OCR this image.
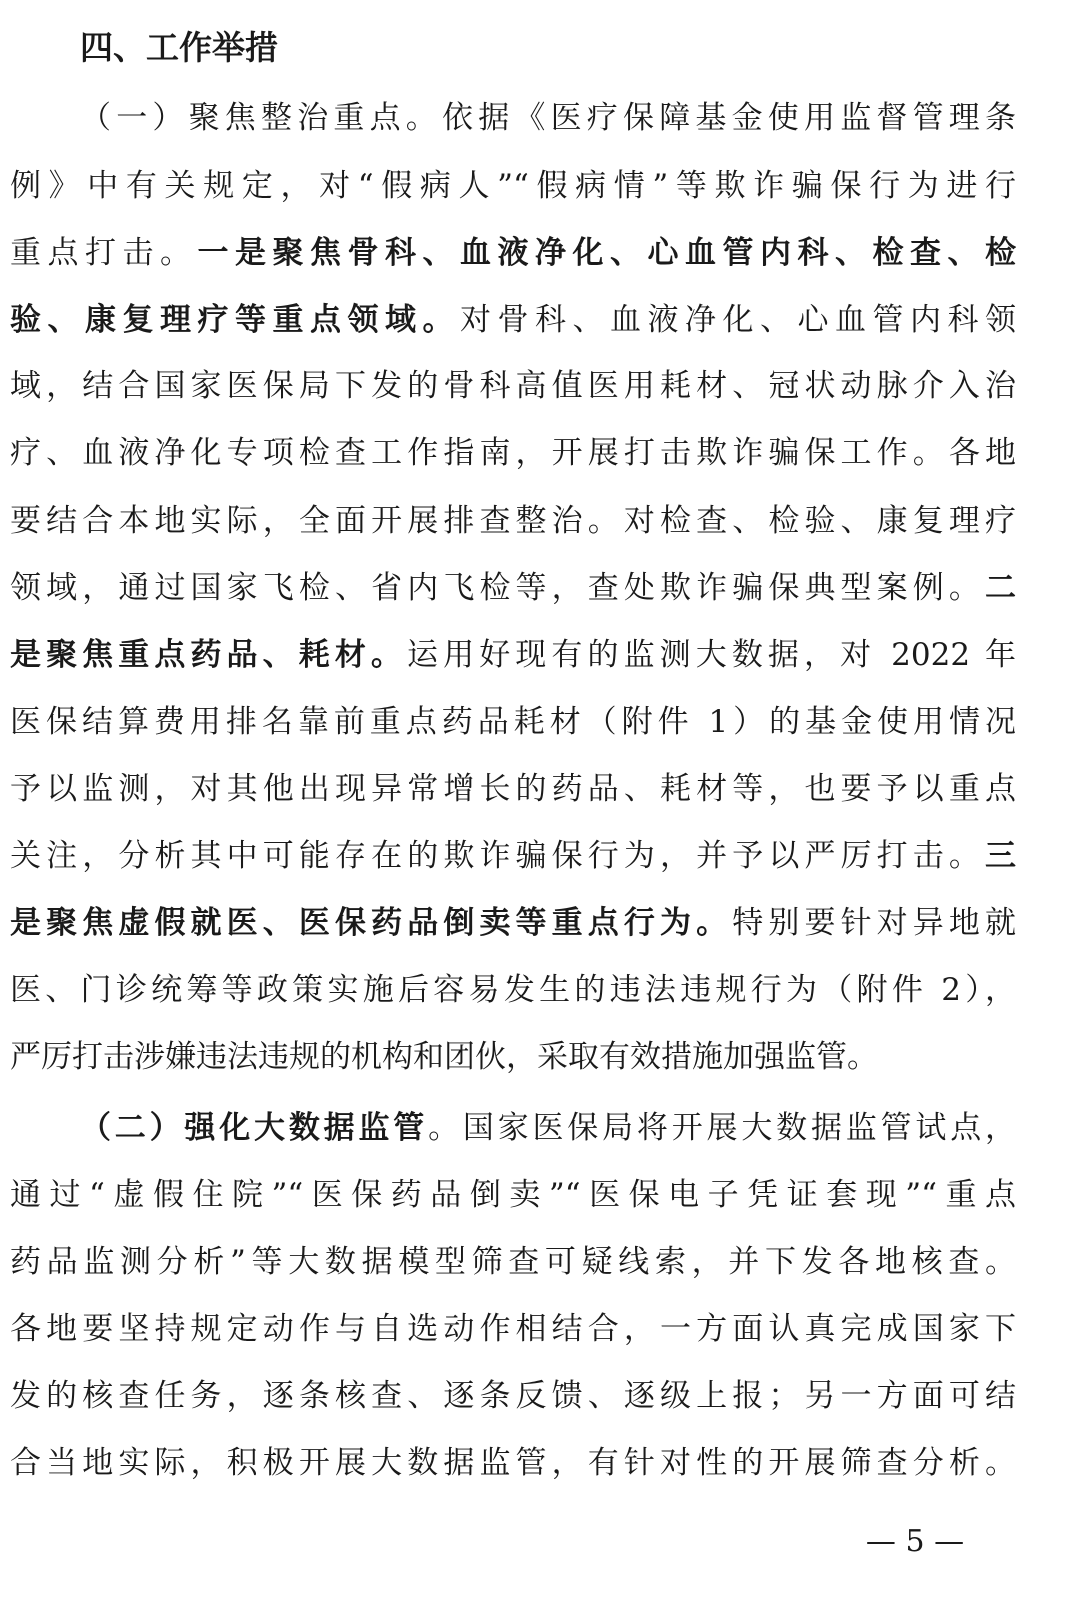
四、工作举措
（一）聚焦整治重点。依据《医疗保障基金使用监督管理条
例》中有关规定，对“假病人”“假病情”等欺诈骗保行为进行
重点打击。一是聚焦骨科、血液净化、心血管内科、检查、检
验、康复理疗等重点领域。对骨科、血液净化、心血管内科领
域，结合国家医保局下发的骨科高值医用耗材、冠状动脉介入治
疗、血液净化专项检查工作指南，开展打击欺诈骗保工作。各地
要结合本地实际，全面开展排查整治。对检查、检验、康复理疗
领域，通过国家飞检、省内飞检等，查处欺诈骗保典型案例。二
是聚焦重点药品、耗材。运用好现有的监测大数据，对 2022 年
医保结算费用排名靠前重点药品耗材（附件 1）的基金使用情况
予以监测，对其他出现异常增长的药品、耗材等，也要予以重点
关注，分析其中可能存在的欺诈骗保行为，并予以严厉打击。三
是聚焦虚假就医、医保药品倒卖等重点行为。特别要针对异地就
医、门诊统筹等政策实施后容易发生的违法违规行为（附件 2），
严厉打击涉嫌违法违规的机构和团伙，采取有效措施加强监管。
（二）强化大数据监管。国家医保局将开展大数据监管试点，
通过“虚假住院”“医保药品倒卖”“医保电子凭证套现”“重点
药品监测分析”等大数据模型筛查可疑线索，并下发各地核查。
各地要坚持规定动作与自选动作相结合，一方面认真完成国家下
发的核查任务，逐条核查、逐条反馈、逐级上报；另一方面可结
合当地实际，积极开展大数据监管，有针对性的开展筛查分析。
— 5 —
